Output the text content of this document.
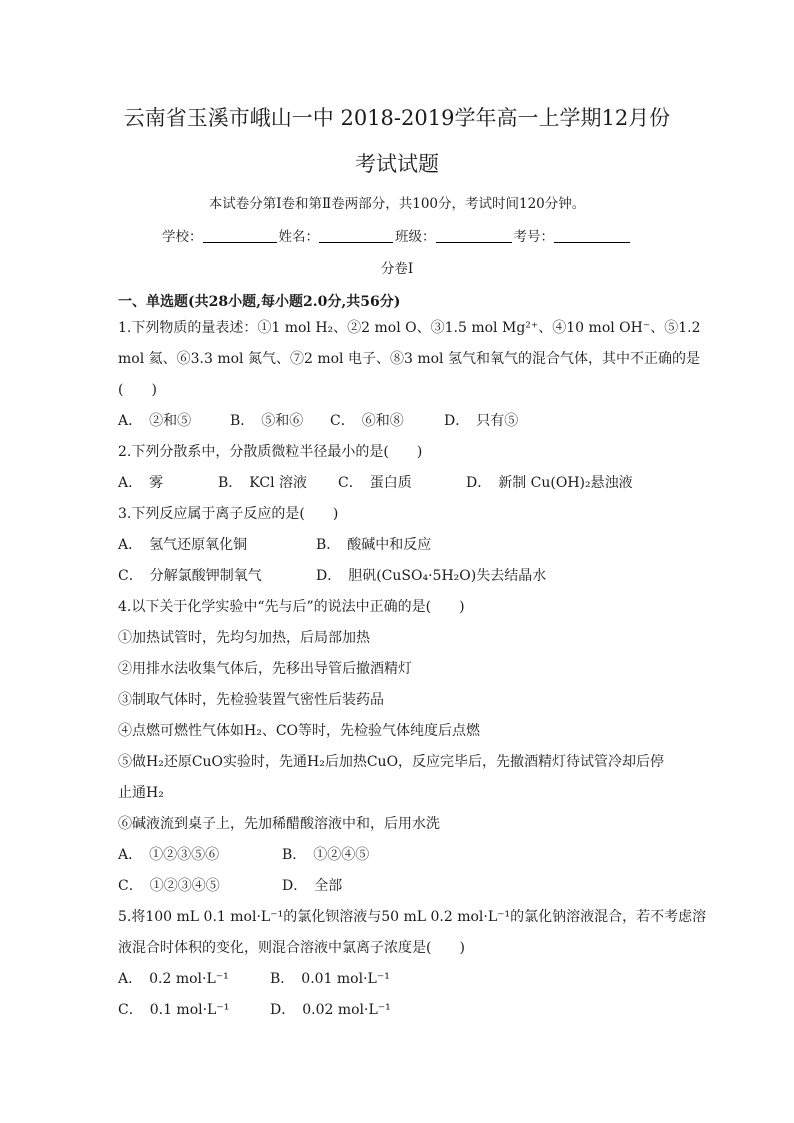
云南省玉溪市峨山一中 2018-2019学年高一上学期12月份

考试试题

本试卷分第Ⅰ卷和第Ⅱ卷两部分，共100分，考试时间120分钟。
学校：	姓名：	班级：	考号：
分卷I
一、单选题(共28小题,每小题2.0分,共56分)
1.下列物质的量表述：①1 mol H₂、②2 mol O、③1.5 mol Mg²⁺、④10 mol OH⁻、⑤1.2
mol 氦、⑥3.3 mol 氮气、⑦2 mol 电子、⑧3 mol 氢气和氧气的混合气体，其中不正确的是
(　　)
A．　②和⑤	B．　⑤和⑥ C．　⑥和⑧	D．　只有⑤
2.下列分散系中，分散质微粒半径最小的是(　　)
A．　雾	B．　KCl 溶液 C．　蛋白质	D．　新制 Cu(OH)₂悬浊液
3.下列反应属于离子反应的是(　　)
A．　氢气还原氧化铜	B．　酸碱中和反应
C．　分解氯酸钾制氧气	D．　胆矾(CuSO₄·5H₂O)失去结晶水
4.以下关于化学实验中“先与后”的说法中正确的是(　　)
①加热试管时，先均匀加热，后局部加热
②用排水法收集气体后，先移出导管后撤酒精灯
③制取气体时，先检验装置气密性后装药品
④点燃可燃性气体如H₂、CO等时，先检验气体纯度后点燃
⑤做H₂还原CuO实验时，先通H₂后加热CuO，反应完毕后，先撤酒精灯待试管冷却后停
止通H₂
⑥碱液流到桌子上，先加稀醋酸溶液中和，后用水洗
A．　①②③⑤⑥	B．　①②④⑤
C．　①②③④⑤	D．　全部
5.将100 mL 0.1 mol·L⁻¹的氯化钡溶液与50 mL 0.2 mol·L⁻¹的氯化钠溶液混合，若不考虑溶
液混合时体积的变化，则混合溶液中氯离子浓度是(　　)
A．　0.2 mol·L⁻¹	B．　0.01 mol·L⁻¹
C．　0.1 mol·L⁻¹	D．　0.02 mol·L⁻¹
